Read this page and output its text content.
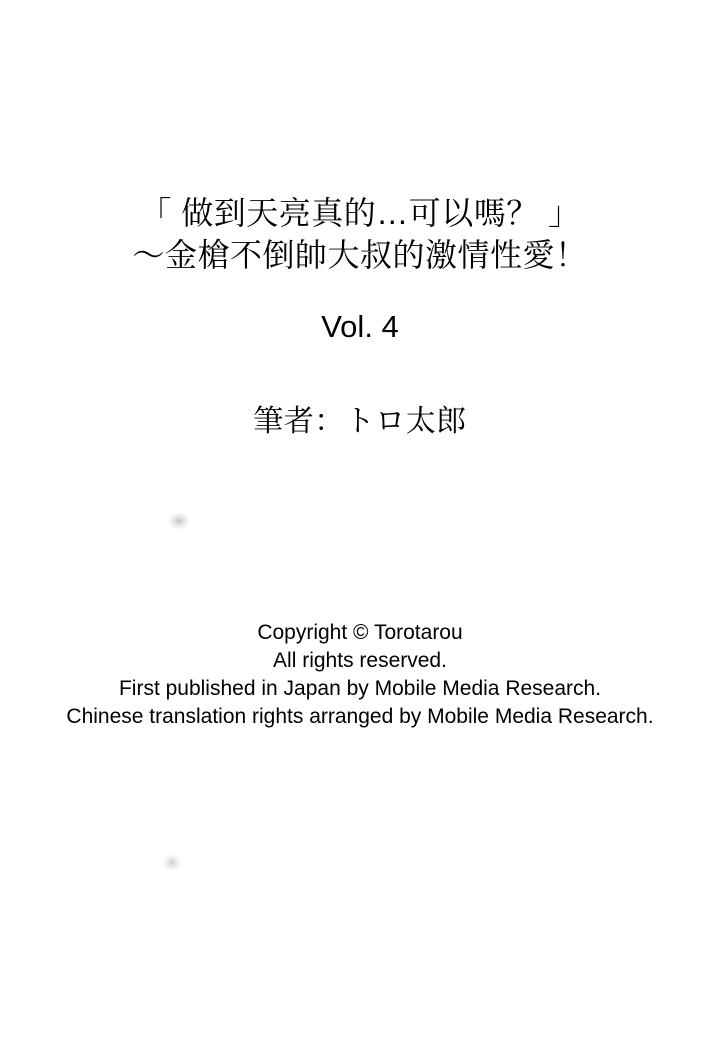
「 做到天亮真的…可以嗎？ 」
～金槍不倒帥大叔的激情性愛！
Vol. 4
筆者：トロ太郎
Copyright © Torotarou
All rights reserved.
First published in Japan by Mobile Media Research.
Chinese translation rights arranged by Mobile Media Research.
